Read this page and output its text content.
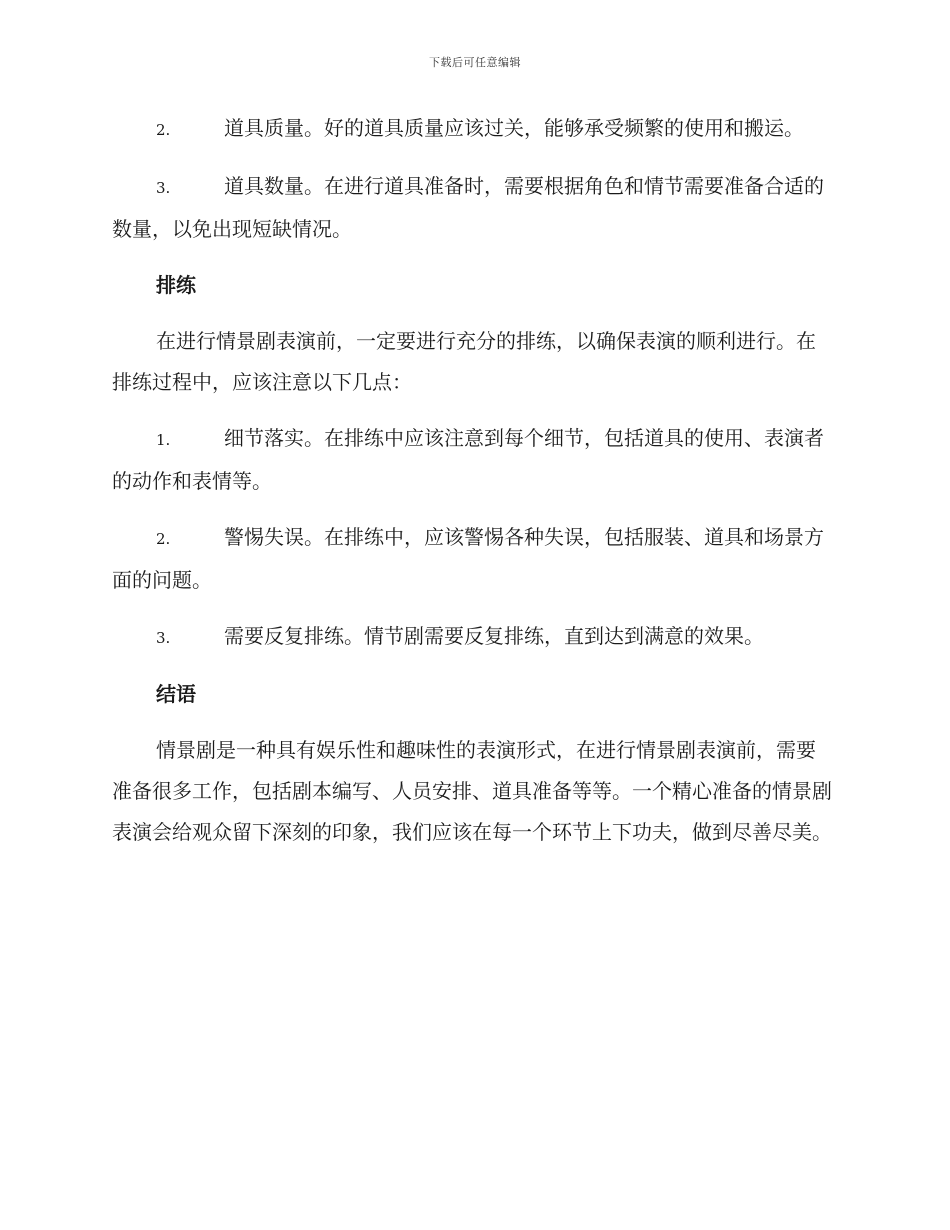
下载后可任意编辑

2.	道具质量。好的道具质量应该过关，能够承受频繁的使用和搬运。

3.	道具数量。在进行道具准备时，需要根据角色和情节需要准备合适的数量，以免出现短缺情况。

排练

在进行情景剧表演前，一定要进行充分的排练，以确保表演的顺利进行。在排练过程中，应该注意以下几点：

1.	细节落实。在排练中应该注意到每个细节，包括道具的使用、表演者的动作和表情等。

2.	警惕失误。在排练中，应该警惕各种失误，包括服装、道具和场景方面的问题。

3.	需要反复排练。情节剧需要反复排练，直到达到满意的效果。

结语

情景剧是一种具有娱乐性和趣味性的表演形式，在进行情景剧表演前，需要准备很多工作，包括剧本编写、人员安排、道具准备等等。一个精心准备的情景剧表演会给观众留下深刻的印象，我们应该在每一个环节上下功夫，做到尽善尽美。
